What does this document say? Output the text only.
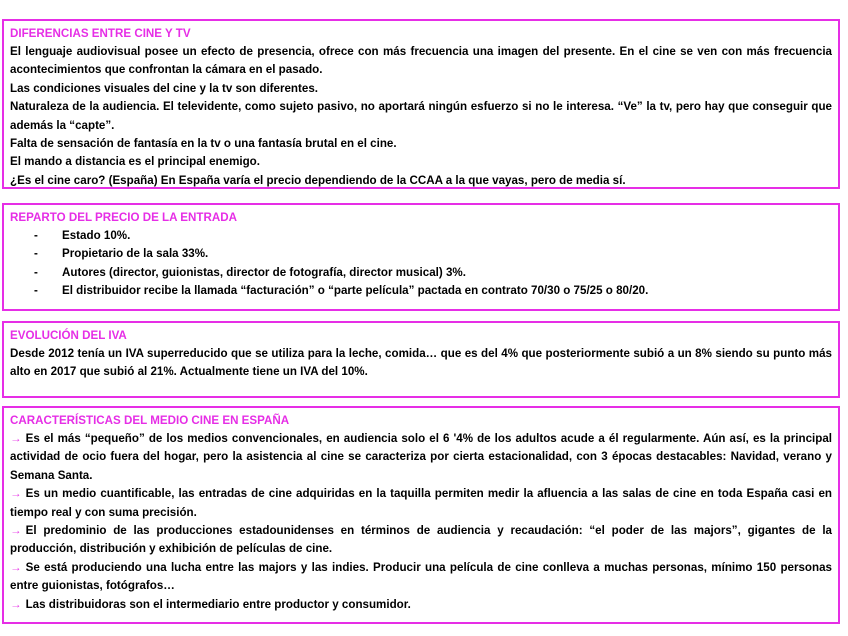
DIFERENCIAS ENTRE CINE Y TV

El lenguaje audiovisual posee un efecto de presencia, ofrece con más frecuencia una imagen del presente. En el cine se ven con más frecuencia acontecimientos que confrontan la cámara en el pasado.

Las condiciones visuales del cine y la tv son diferentes.

Naturaleza de la audiencia. El televidente, como sujeto pasivo, no aportará ningún esfuerzo si no le interesa. “Ve” la tv, pero hay que conseguir que además la “capte”.

Falta de sensación de fantasía en la tv o una fantasía brutal en el cine.

El mando a distancia es el principal enemigo.

¿Es el cine caro? (España) En España varía el precio dependiendo de la CCAA a la que vayas, pero de media sí.

REPARTO DEL PRECIO DE LA ENTRADA
- Estado 10%.
- Propietario de la sala 33%.
- Autores (director, guionistas, director de fotografía, director musical) 3%.
- El distribuidor recibe la llamada “facturación” o “parte película” pactada en contrato 70/30 o 75/25 o 80/20.
EVOLUCIÓN DEL IVA

Desde 2012 tenía un IVA superreducido que se utiliza para la leche, comida… que es del 4% que posteriormente subió a un 8% siendo su punto más alto en 2017 que subió al 21%. Actualmente tiene un IVA del 10%.

CARACTERÍSTICAS DEL MEDIO CINE EN ESPAÑA

→ Es el más “pequeño” de los medios convencionales, en audiencia solo el 6 '4% de los adultos acude a él regularmente. Aún así, es la principal actividad de ocio fuera del hogar, pero la asistencia al cine se caracteriza por cierta estacionalidad, con 3 épocas destacables: Navidad, verano y Semana Santa.

→ Es un medio cuantificable, las entradas de cine adquiridas en la taquilla permiten medir la afluencia a las salas de cine en toda España casi en tiempo real y con suma precisión.

→ El predominio de las producciones estadounidenses en términos de audiencia y recaudación: “el poder de las majors”, gigantes de la producción, distribución y exhibición de películas de cine.

→ Se está produciendo una lucha entre las majors y las indies. Producir una película de cine conlleva a muchas personas, mínimo 150 personas entre guionistas, fotógrafos…

→ Las distribuidoras son el intermediario entre productor y consumidor.
